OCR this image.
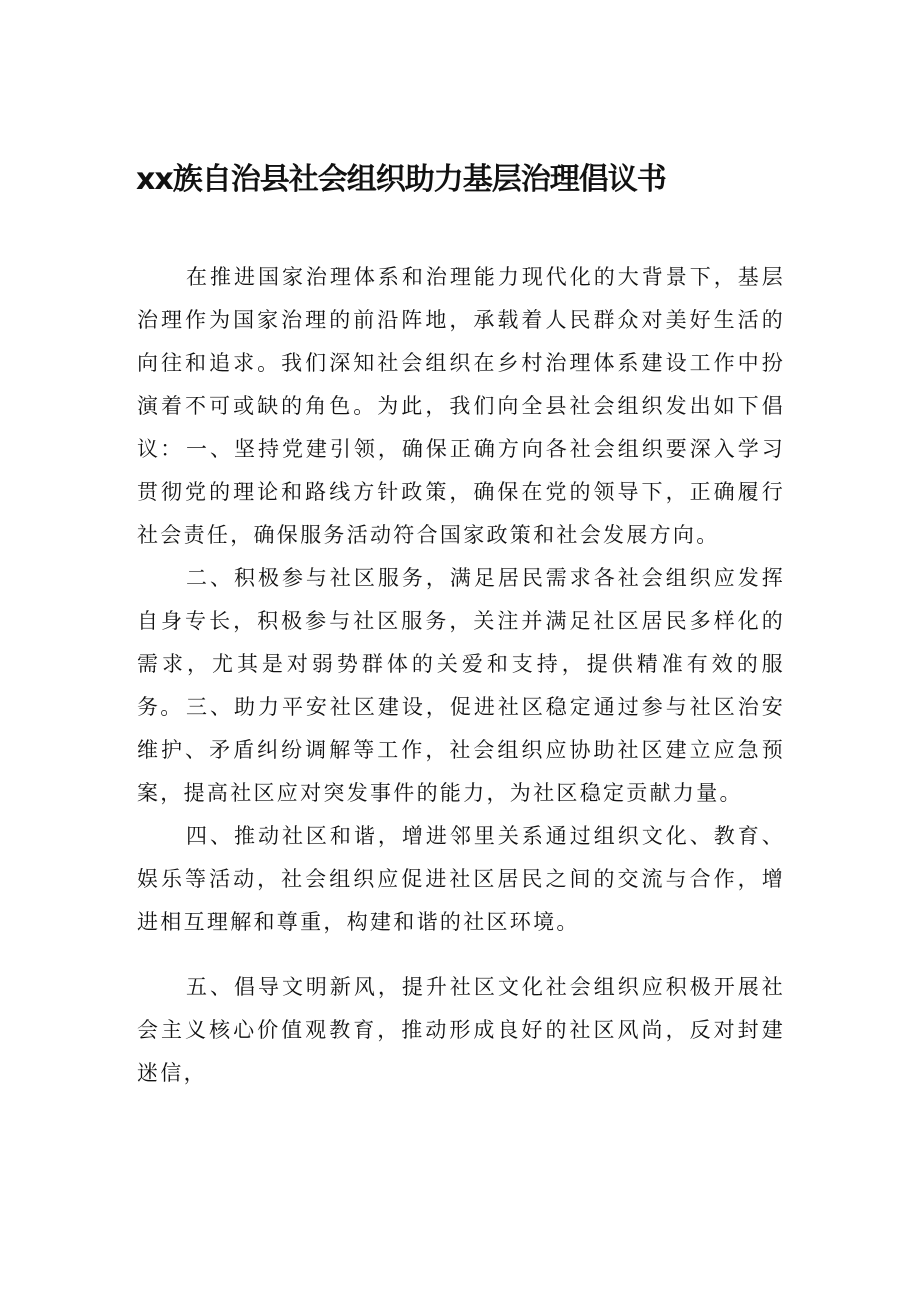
xx族自治县社会组织助力基层治理倡议书

在推进国家治理体系和治理能力现代化的大背景下，基层治理作为国家治理的前沿阵地，承载着人民群众对美好生活的向往和追求。我们深知社会组织在乡村治理体系建设工作中扮演着不可或缺的角色。为此，我们向全县社会组织发出如下倡议： 一、坚持党建引领，确保正确方向各社会组织要深入学习贯彻党的理论和路线方针政策，确保在党的领导下，正确履行社会责任，确保服务活动符合国家政策和社会发展方向。

二、积极参与社区服务，满足居民需求各社会组织应发挥自身专长，积极参与社区服务，关注并满足社区居民多样化的需求，尤其是对弱势群体的关爱和支持，提供精准有效的服务。 三、助力平安社区建设，促进社区稳定通过参与社区治安维护、矛盾纠纷调解等工作，社会组织应协助社区建立应急预案，提高社区应对突发事件的能力，为社区稳定贡献力量。

四、推动社区和谐，增进邻里关系通过组织文化、教育、娱乐等活动，社会组织应促进社区居民之间的交流与合作，增进相互理解和尊重，构建和谐的社区环境。

五、倡导文明新风，提升社区文化社会组织应积极开展社会主义核心价值观教育，推动形成良好的社区风尚，反对封建迷信，
